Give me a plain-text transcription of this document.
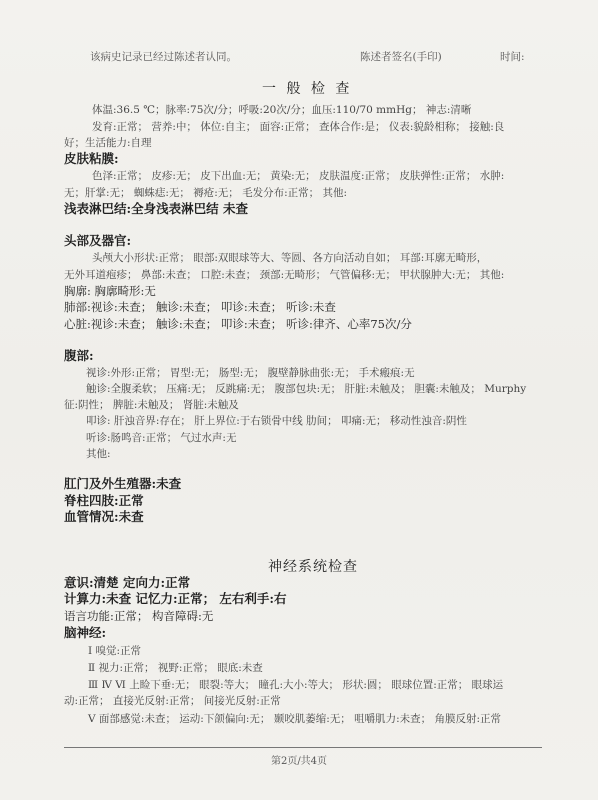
该病史记录已经过陈述者认同。	陈述者签名(手印)	时间:
一 般 检 查
体温:36.5 ℃；脉率:75次/分；呼吸:20次/分；血压:110/70 mmHg； 神志:清晰
发育:正常； 营养:中； 体位:自主； 面容:正常； 查体合作:是； 仪表:貌龄相称； 接触:良
好；生活能力:自理
皮肤粘膜:
色泽:正常； 皮疹:无； 皮下出血:无； 黄染:无； 皮肤温度:正常； 皮肤弹性:正常； 水肿:
无；肝掌:无； 蜘蛛痣:无； 褥疮:无； 毛发分布:正常； 其他:
浅表淋巴结:全身浅表淋巴结 未查
头部及器官:
头颅大小形状:正常； 眼部:双眼球等大、等圆、各方向活动自如； 耳部:耳廓无畸形，
无外耳道疱疹； 鼻部:未查； 口腔:未查； 颈部:无畸形； 气管偏移:无； 甲状腺肿大:无； 其他:
胸廓: 胸廓畸形:无
肺部:视诊:未查； 触诊:未查； 叩诊:未查； 听诊:未查
心脏:视诊:未查； 触诊:未查； 叩诊:未查； 听诊:律齐、心率75次/分
腹部:
视诊:外形:正常； 胃型:无； 肠型:无； 腹壁静脉曲张:无； 手术瘢痕:无
触诊:全腹柔软； 压痛:无； 反跳痛:无； 腹部包块:无； 肝脏:未触及； 胆囊:未触及； Murphy
征:阴性； 脾脏:未触及； 肾脏:未触及
叩诊: 肝浊音界:存在； 肝上界位:于右锁骨中线 肋间； 叩痛:无； 移动性浊音:阴性
听诊:肠鸣音:正常； 气过水声:无
其他:
肛门及外生殖器:未查
脊柱四肢:正常
血管情况:未查
神经系统检查
意识:清楚 定向力:正常
计算力:未查 记忆力:正常； 左右利手:右
语言功能:正常； 构音障碍:无
脑神经:
Ⅰ 嗅觉:正常
Ⅱ 视力:正常； 视野:正常； 眼底:未查
Ⅲ Ⅳ Ⅵ 上睑下垂:无； 眼裂:等大； 瞳孔:大小:等大； 形状:圆； 眼球位置:正常； 眼球运
动:正常； 直接光反射:正常； 间接光反射:正常
Ⅴ 面部感觉:未查； 运动:下颌偏向:无； 颞咬肌萎缩:无； 咀嚼肌力:未查； 角膜反射:正常
第2页/共4页
